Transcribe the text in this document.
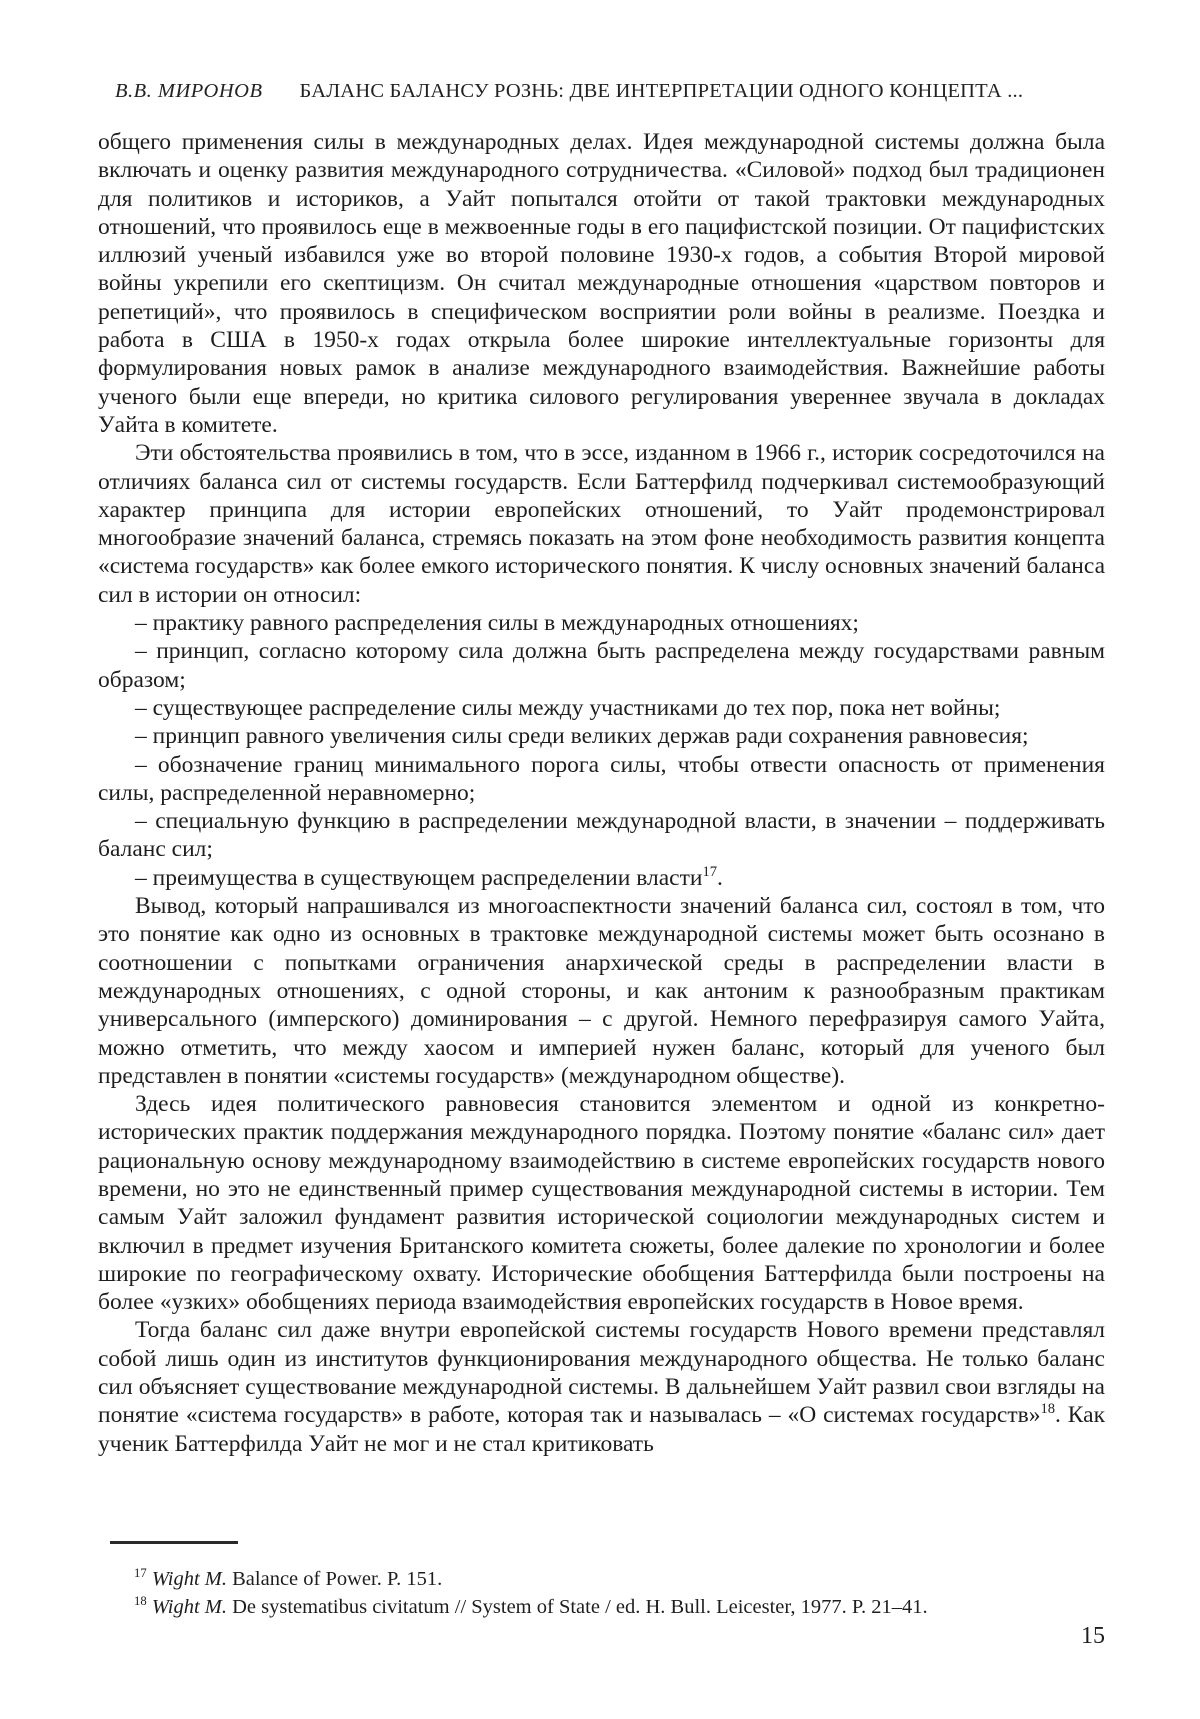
В.В. МИРОНОВ БАЛАНС БАЛАНСУ РОЗНЬ: ДВЕ ИНТЕРПРЕТАЦИИ ОДНОГО КОНЦЕПТА ...

общего применения силы в международных делах. Идея международной системы должна была включать и оценку развития международного сотрудничества. «Силовой» подход был традиционен для политиков и историков, а Уайт попытался отойти от такой трактовки международных отношений, что проявилось еще в межвоенные годы в его пацифистской позиции. От пацифистских иллюзий ученый избавился уже во второй половине 1930-х годов, а события Второй мировой войны укрепили его скептицизм. Он считал международные отношения «царством повторов и репетиций», что проявилось в специфическом восприятии роли войны в реализме. Поездка и работа в США в 1950-х годах открыла более широкие интеллектуальные горизонты для формулирования новых рамок в анализе международного взаимодействия. Важнейшие работы ученого были еще впереди, но критика силового регулирования увереннее звучала в докладах Уайта в комитете.

Эти обстоятельства проявились в том, что в эссе, изданном в 1966 г., историк сосредоточился на отличиях баланса сил от системы государств. Если Баттерфилд подчеркивал системообразующий характер принципа для истории европейских отношений, то Уайт продемонстрировал многообразие значений баланса, стремясь показать на этом фоне необходимость развития концепта «система государств» как более емкого исторического понятия. К числу основных значений баланса сил в истории он относил:

– практику равного распределения силы в международных отношениях;

– принцип, согласно которому сила должна быть распределена между государствами равным образом;

– существующее распределение силы между участниками до тех пор, пока нет войны;

– принцип равного увеличения силы среди великих держав ради сохранения равновесия;

– обозначение границ минимального порога силы, чтобы отвести опасность от применения силы, распределенной неравномерно;

– специальную функцию в распределении международной власти, в значении – поддерживать баланс сил;

– преимущества в существующем распределении власти$^{17}$.

Вывод, который напрашивался из многоаспектности значений баланса сил, состоял в том, что это понятие как одно из основных в трактовке международной системы может быть осознано в соотношении с попытками ограничения анархической среды в распределении власти в международных отношениях, с одной стороны, и как антоним к разнообразным практикам универсального (имперского) доминирования – с другой. Немного перефразируя самого Уайта, можно отметить, что между хаосом и империей нужен баланс, который для ученого был представлен в понятии «системы государств» (международном обществе).

Здесь идея политического равновесия становится элементом и одной из конкретно-исторических практик поддержания международного порядка. Поэтому понятие «баланс сил» дает рациональную основу международному взаимодействию в системе европейских государств нового времени, но это не единственный пример существования международной системы в истории. Тем самым Уайт заложил фундамент развития исторической социологии международных систем и включил в предмет изучения Британского комитета сюжеты, более далекие по хронологии и более широкие по географическому охвату. Исторические обобщения Баттерфилда были построены на более «узких» обобщениях периода взаимодействия европейских государств в Новое время.

Тогда баланс сил даже внутри европейской системы государств Нового времени представлял собой лишь один из институтов функционирования международного общества. Не только баланс сил объясняет существование международной системы. В дальнейшем Уайт развил свои взгляды на понятие «система государств» в работе, которая так и называлась – «О системах государств»$^{18}$. Как ученик Баттерфилда Уайт не мог и не стал критиковать

$^{17}$ Wight M. Balance of Power. P. 151.

$^{18}$ Wight M. De systematibus civitatum // System of State / ed. H. Bull. Leicester, 1977. P. 21–41.

15
